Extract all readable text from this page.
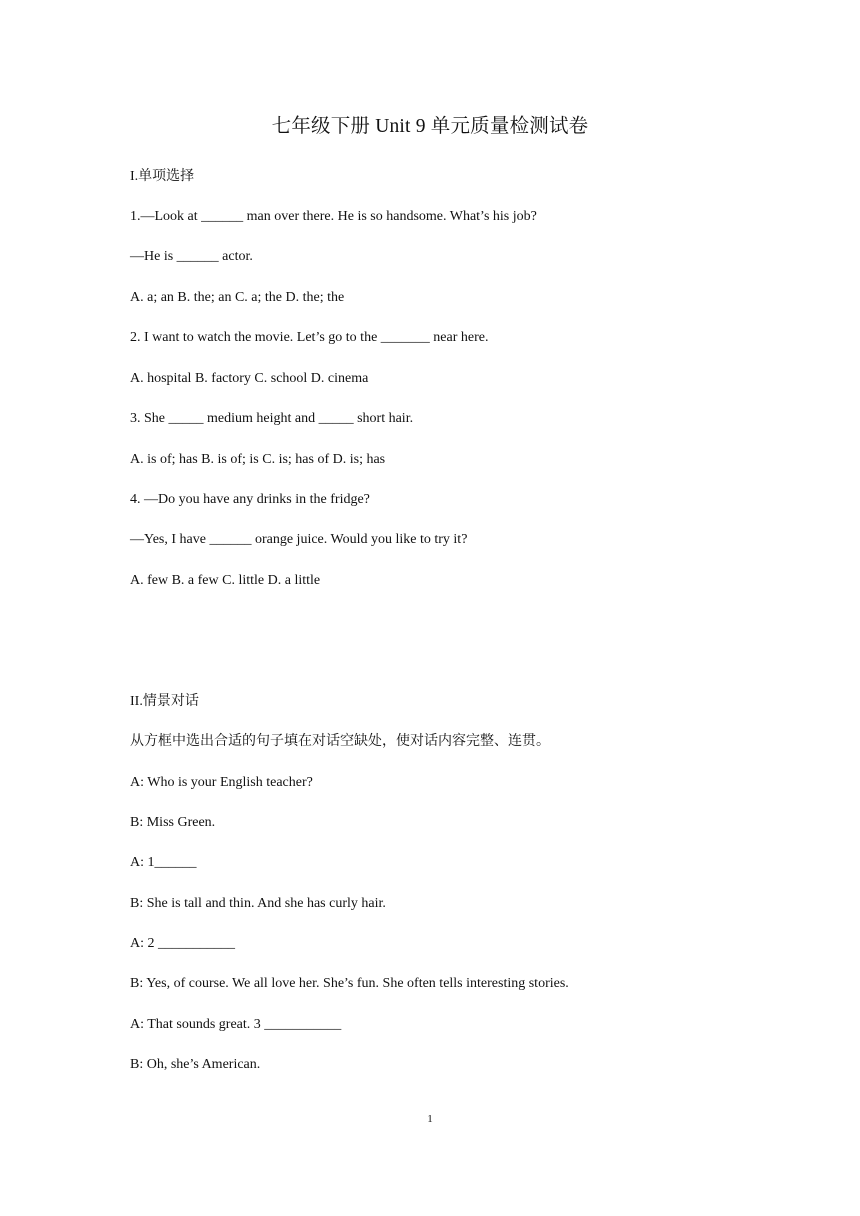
七年级下册 Unit 9 单元质量检测试卷
I.单项选择
1.—Look at ______ man over there. He is so handsome. What’s his job?
—He is ______ actor.
A. a; an B. the; an C. a; the D. the; the
2. I want to watch the movie. Let’s go to the _______ near here.
A. hospital B. factory C. school D. cinema
3. She _____ medium height and _____ short hair.
A. is of; has B. is of; is C. is; has of D. is; has
4. —Do you have any drinks in the fridge?
—Yes, I have ______ orange juice. Would you like to try it?
A. few B. a few C. little D. a little
II.情景对话
从方框中选出合适的句子填在对话空缺处，使对话内容完整、连贯。
A: Who is your English teacher?
B: Miss Green.
A: 1______
B: She is tall and thin. And she has curly hair.
A: 2 ___________
B: Yes, of course. We all love her. She’s fun. She often tells interesting stories.
A: That sounds great. 3 ___________
B: Oh, she’s American.
1
